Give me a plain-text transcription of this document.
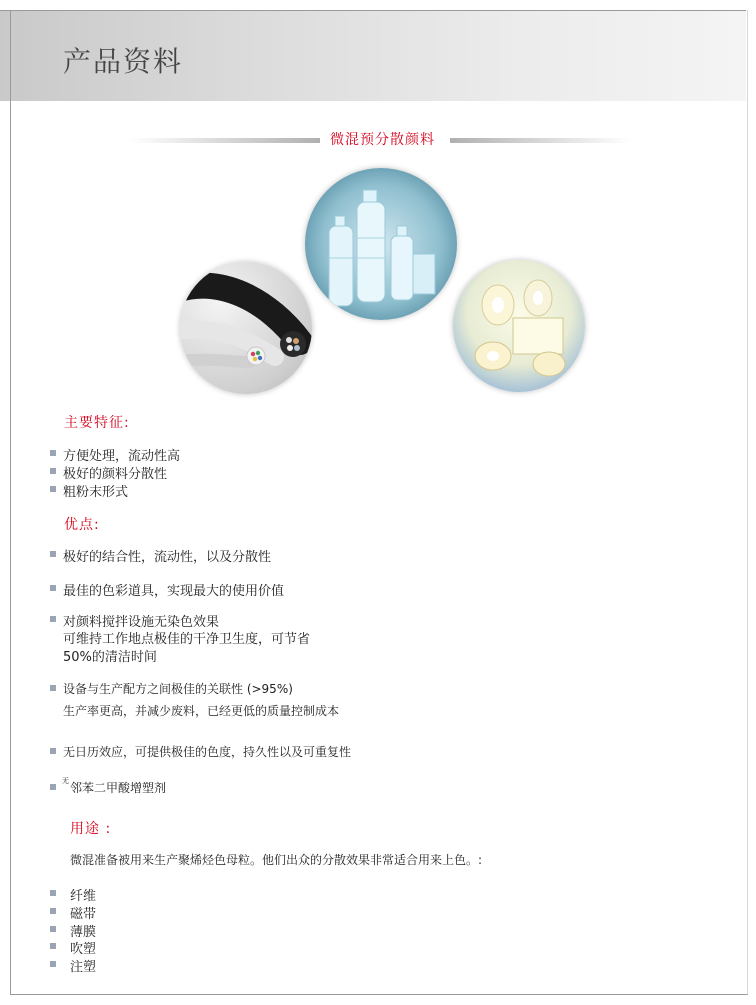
产品资料
微混预分散颜料
主要特征:
方便处理，流动性高
极好的颜料分散性
粗粉末形式
优点:
极好的结合性，流动性，以及分散性
最佳的色彩道具，实现最大的使用价值
对颜料搅拌设施无染色效果
可维持工作地点极佳的干净卫生度，可节省
50%的清洁时间
设备与生产配方之间极佳的关联性 (>95%)
生产率更高，并减少废料，已经更低的质量控制成本
无日历效应，可提供极佳的色度，持久性以及可重复性
无 邻苯二甲酸增塑剂
用途 :
微混准备被用来生产聚烯烃色母粒。他们出众的分散效果非常适合用来上色。:
纤维
磁带
薄膜
吹塑
注塑
